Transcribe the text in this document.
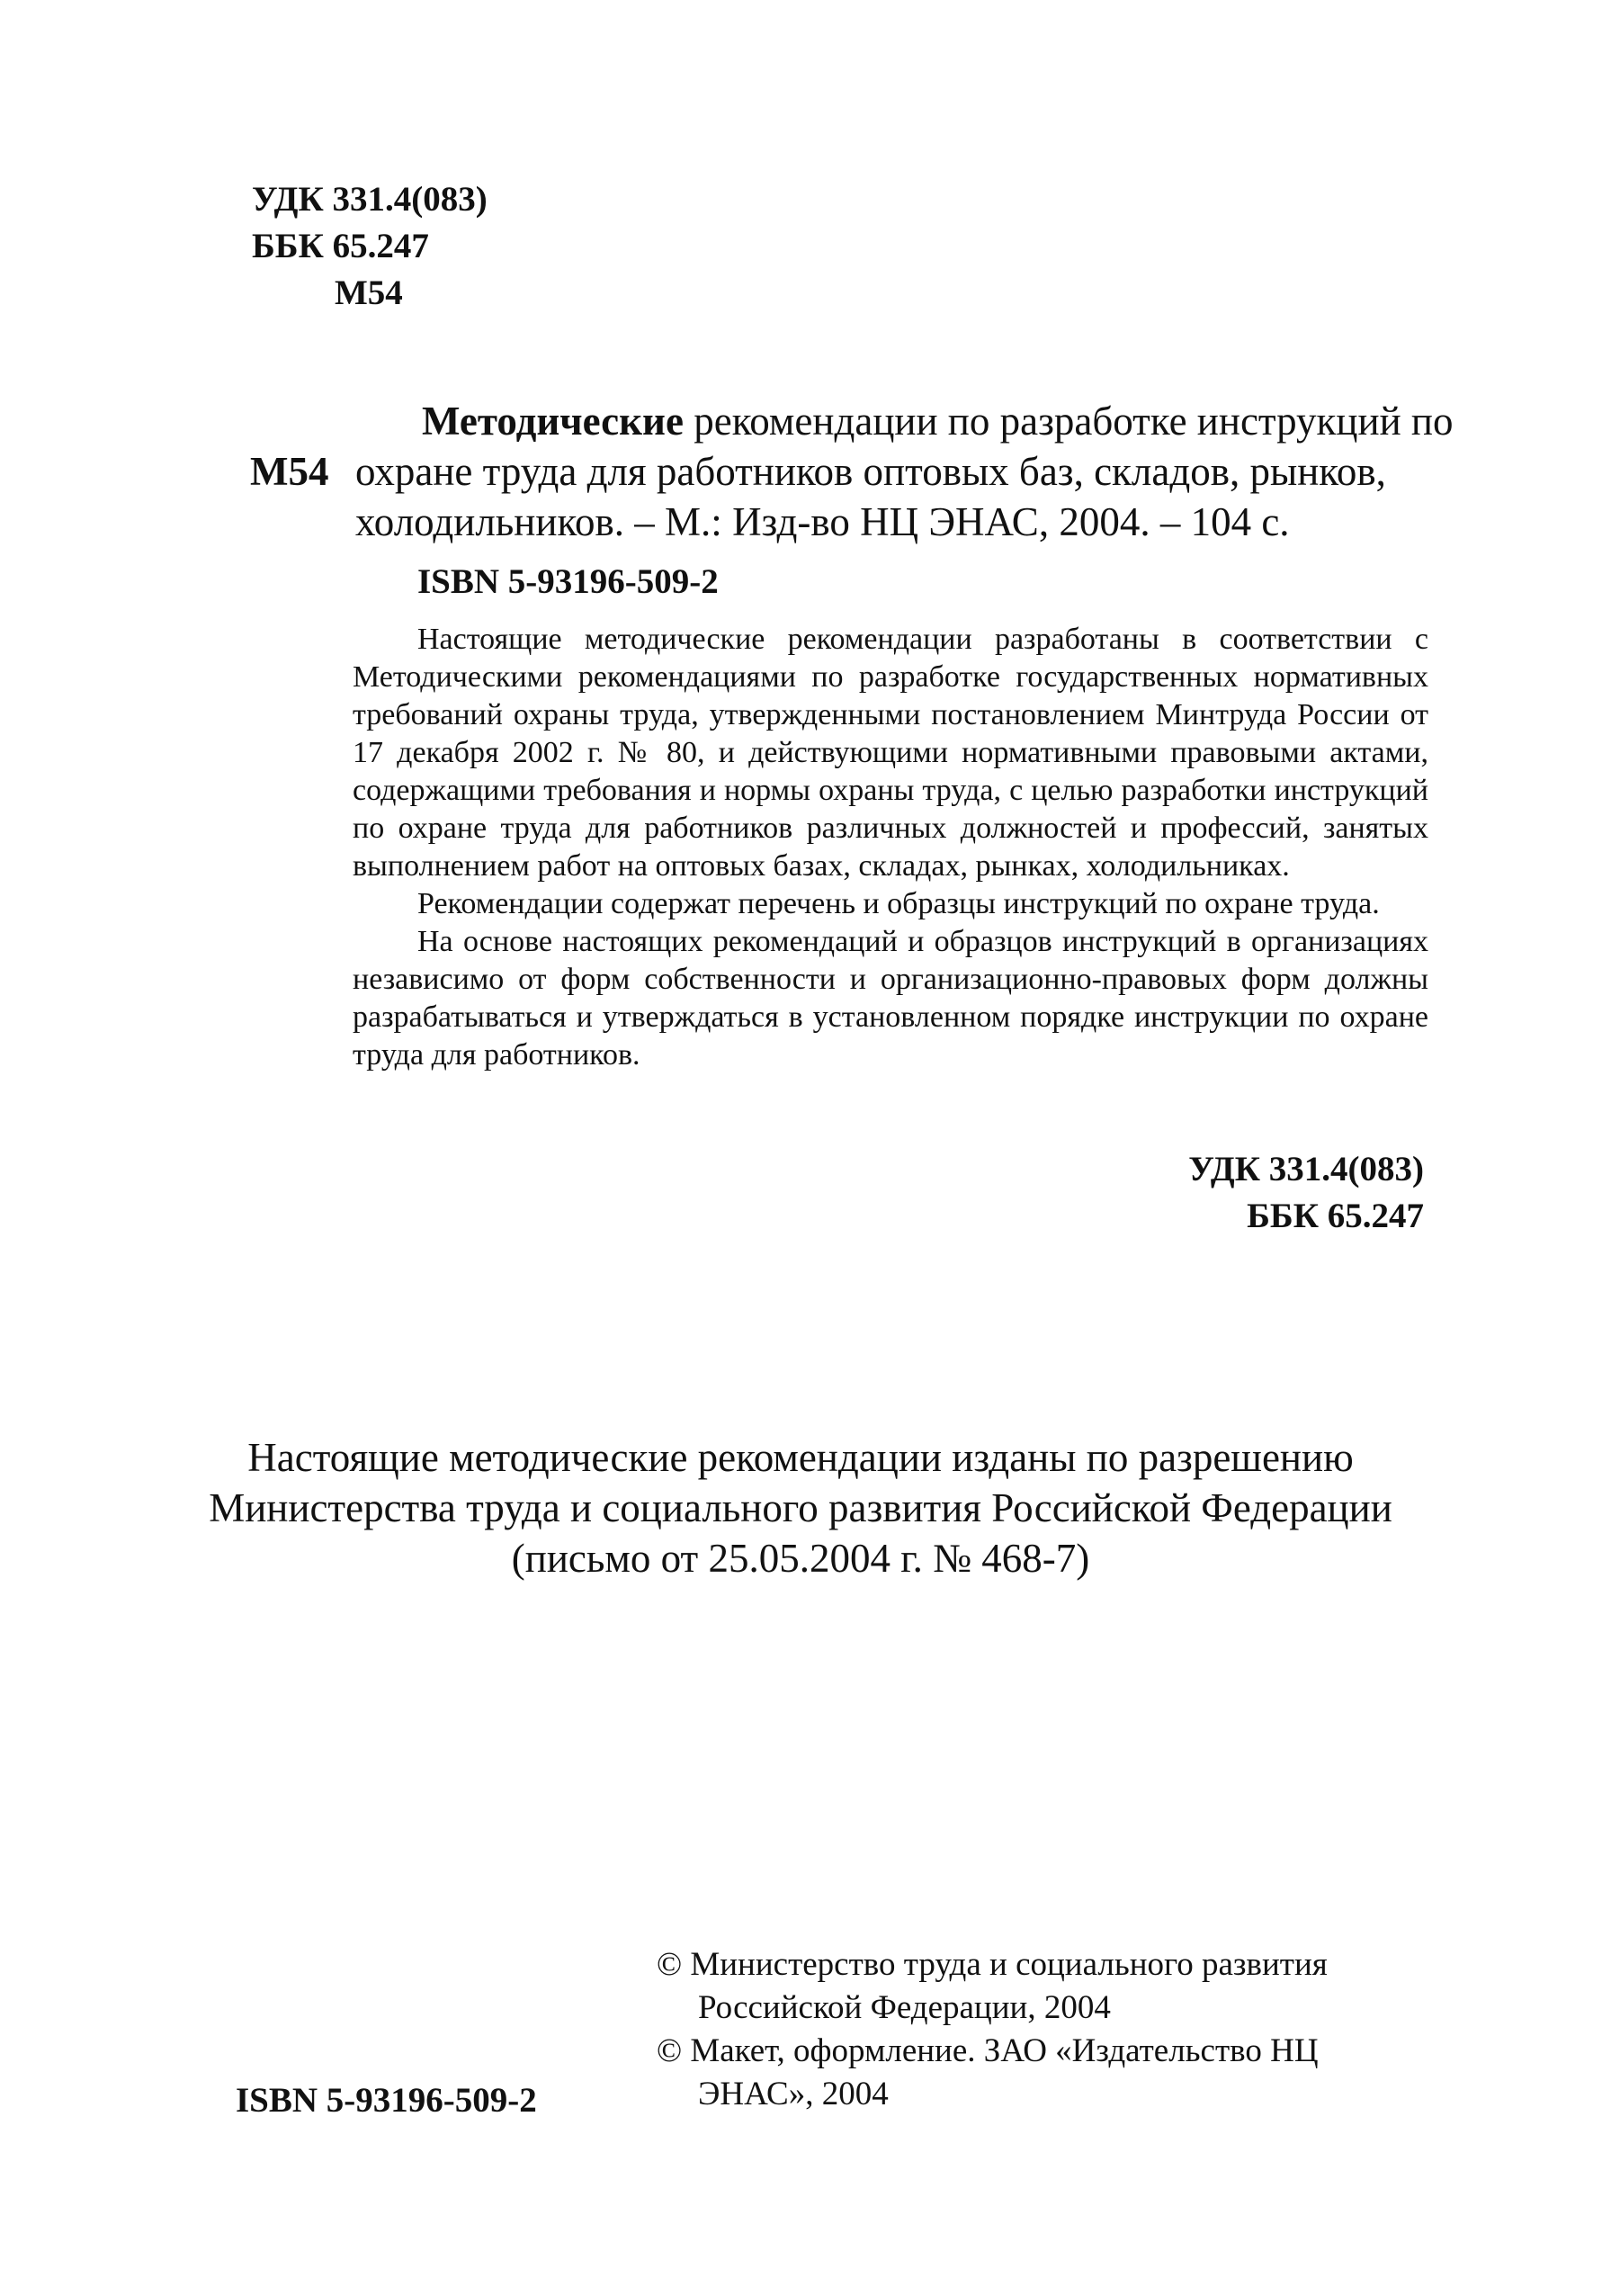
УДК 331.4(083)
ББК 65.247
М54
М54
Методические рекомендации по разработке инструкций по
охране труда для работников оптовых баз, складов, рынков,
холодильников. – М.: Изд-во НЦ ЭНАС, 2004. – 104 с.
ISBN 5-93196-509-2

Настоящие методические рекомендации разработаны в соответствии с Методическими рекомендациями по разработке государственных нормативных требований охраны труда, утвержденными постановлением Минтруда России от 17 декабря 2002 г. № 80, и действующими нормативными правовыми актами, содержащими требования и нормы охраны труда, с целью разработки инструкций по охране труда для работников различных должностей и профессий, занятых выполнением работ на оптовых базах, складах, рынках, холодильниках.

Рекомендации содержат перечень и образцы инструкций по охране труда.

На основе настоящих рекомендаций и образцов инструкций в организациях независимо от форм собственности и организационно-правовых форм должны разрабатываться и утверждаться в установленном порядке инструкции по охране труда для работников.

УДК 331.4(083)
ББК 65.247
Настоящие методические рекомендации изданы по разрешению
Министерства труда и социального развития Российской Федерации
(письмо от 25.05.2004 г. № 468-7)
© Министерство труда и социального развития Российской Федерации, 2004
© Макет, оформление. ЗАО «Издательство НЦ ЭНАС», 2004
ISBN 5-93196-509-2
